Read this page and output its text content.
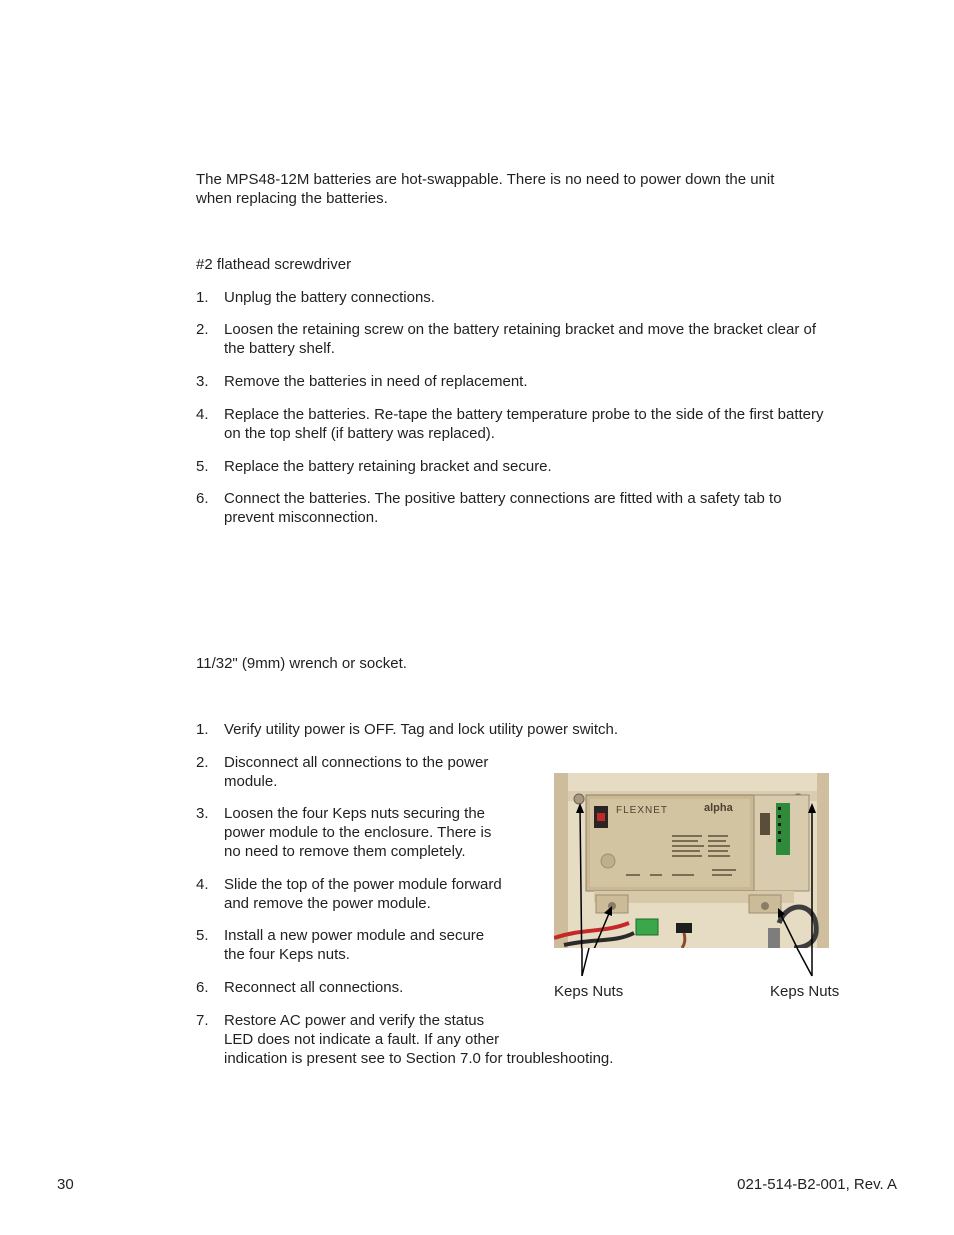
The MPS48-12M batteries are hot-swappable. There is no need to power down the unit
when replacing the batteries.
#2 flathead screwdriver
1.	Unplug the battery connections.
2.	Loosen the retaining screw on the battery retaining bracket and move the bracket clear of the battery shelf.
3.	Remove the batteries in need of replacement.
4.	Replace the batteries. Re-tape the battery temperature probe to the side of the first battery on the top shelf (if battery was replaced).
5.	Replace the battery retaining bracket and secure.
6.	Connect the batteries. The positive battery connections are fitted with a safety tab to prevent misconnection.
11/32" (9mm) wrench or socket.
1.	Verify utility power is OFF. Tag and lock utility power switch.
2.	Disconnect all connections to the power module.
3.	Loosen the four Keps nuts securing the power module to the enclosure. There is no need to remove them completely.
4.	Slide the top of the power module forward and remove the power module.
5.	Install a new power module and secure the four Keps nuts.
6.	Reconnect all connections.
7.	Restore AC power and verify the status
LED does not indicate a fault. If any other
indication is present see to Section 7.0 for troubleshooting.
FLEXNET	alpha
Keps Nuts	Keps Nuts
30	021-514-B2-001, Rev. A
